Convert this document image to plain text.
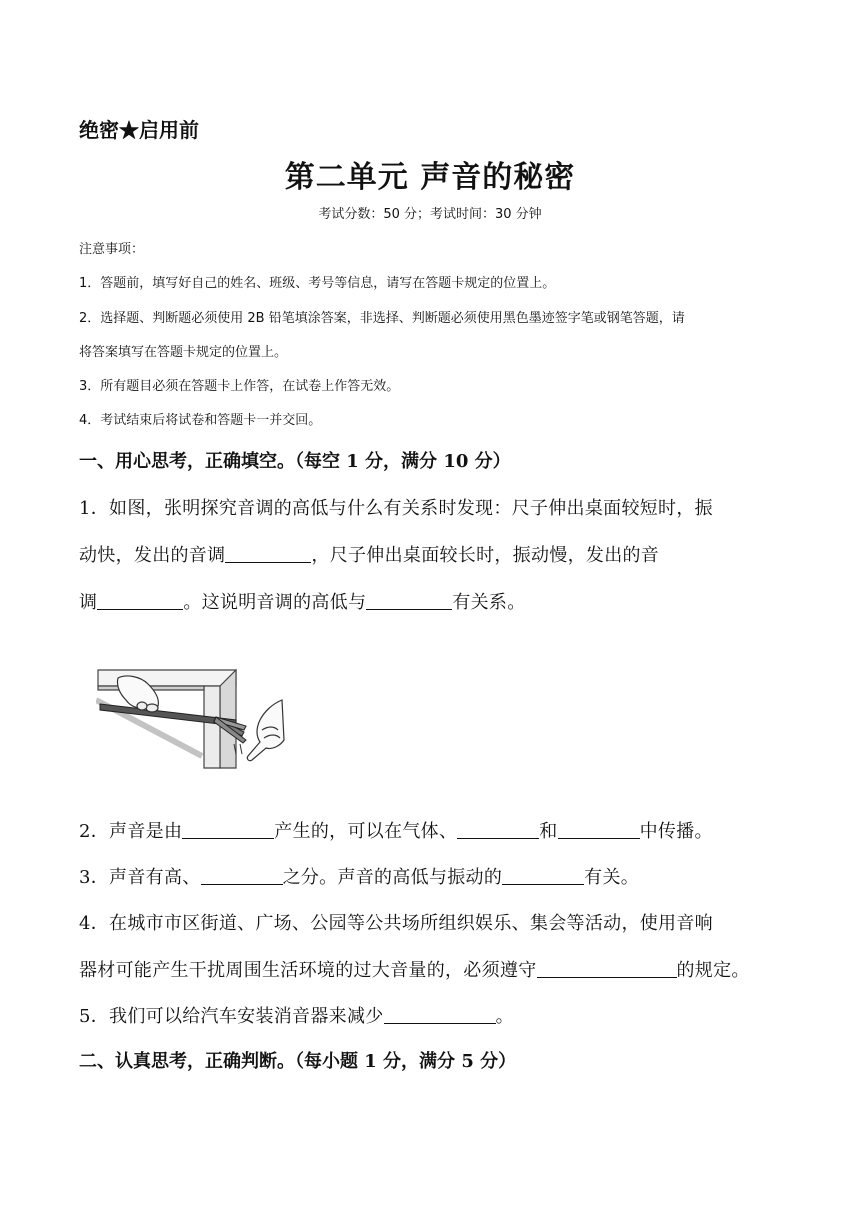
绝密★启用前
第二单元 声音的秘密
考试分数：50 分；考试时间：30 分钟
注意事项：
1．答题前，填写好自己的姓名、班级、考号等信息，请写在答题卡规定的位置上。
2．选择题、判断题必须使用 2B 铅笔填涂答案，非选择、判断题必须使用黑色墨迹签字笔或钢笔答题，请
将答案填写在答题卡规定的位置上。
3．所有题目必须在答题卡上作答，在试卷上作答无效。
4．考试结束后将试卷和答题卡一并交回。
一、用心思考，正确填空。（每空 1 分，满分 10 分）
1．如图，张明探究音调的高低与什么有关系时发现：尺子伸出桌面较短时，振
动快，发出的音调	，尺子伸出桌面较长时，振动慢，发出的音
调	。这说明音调的高低与	有关系。
2．声音是由	产生的，可以在气体、	和	中传播。
3．声音有高、	之分。声音的高低与振动的	有关。
4．在城市市区街道、广场、公园等公共场所组织娱乐、集会等活动，使用音响
器材可能产生干扰周围生活环境的过大音量的，必须遵守	的规定。
5．我们可以给汽车安装消音器来减少	。
二、认真思考，正确判断。（每小题 1 分，满分 5 分）
